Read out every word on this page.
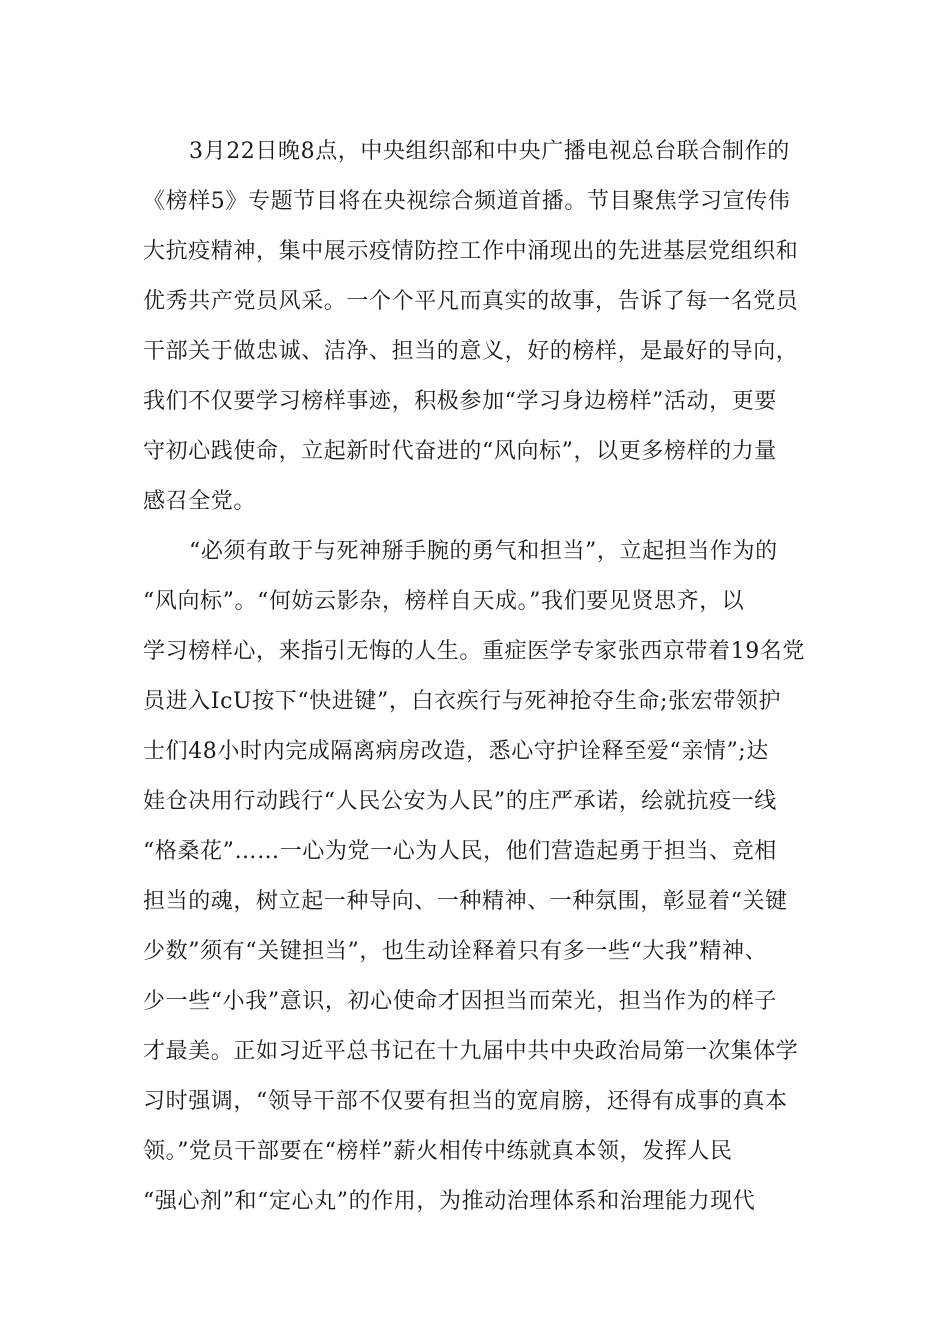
3月22日晚8点，中央组织部和中央广播电视总台联合制作的
《榜样5》专题节目将在央视综合频道首播。节目聚焦学习宣传伟
大抗疫精神，集中展示疫情防控工作中涌现出的先进基层党组织和
优秀共产党员风采。一个个平凡而真实的故事，告诉了每一名党员
干部关于做忠诚、洁净、担当的意义，好的榜样，是最好的导向，
我们不仅要学习榜样事迹，积极参加“学习身边榜样”活动，更要
守初心践使命，立起新时代奋进的“风向标”，以更多榜样的力量
感召全党。
“必须有敢于与死神掰手腕的勇气和担当”，立起担当作为的
“风向标”。“何妨云影杂，榜样自天成。”我们要见贤思齐，以
学习榜样心，来指引无悔的人生。重症医学专家张西京带着19名党
员进入IcU按下“快进键”，白衣疾行与死神抢夺生命;张宏带领护
士们48小时内完成隔离病房改造，悉心守护诠释至爱“亲情”;达
娃仓决用行动践行“人民公安为人民”的庄严承诺，绘就抗疫一线
“格桑花”……一心为党一心为人民，他们营造起勇于担当、竞相
担当的魂，树立起一种导向、一种精神、一种氛围，彰显着“关键
少数”须有“关键担当”，也生动诠释着只有多一些“大我”精神、
少一些“小我”意识，初心使命才因担当而荣光，担当作为的样子
才最美。正如习近平总书记在十九届中共中央政治局第一次集体学
习时强调，“领导干部不仅要有担当的宽肩膀，还得有成事的真本
领。”党员干部要在“榜样”薪火相传中练就真本领，发挥人民
“强心剂”和“定心丸”的作用，为推动治理体系和治理能力现代
